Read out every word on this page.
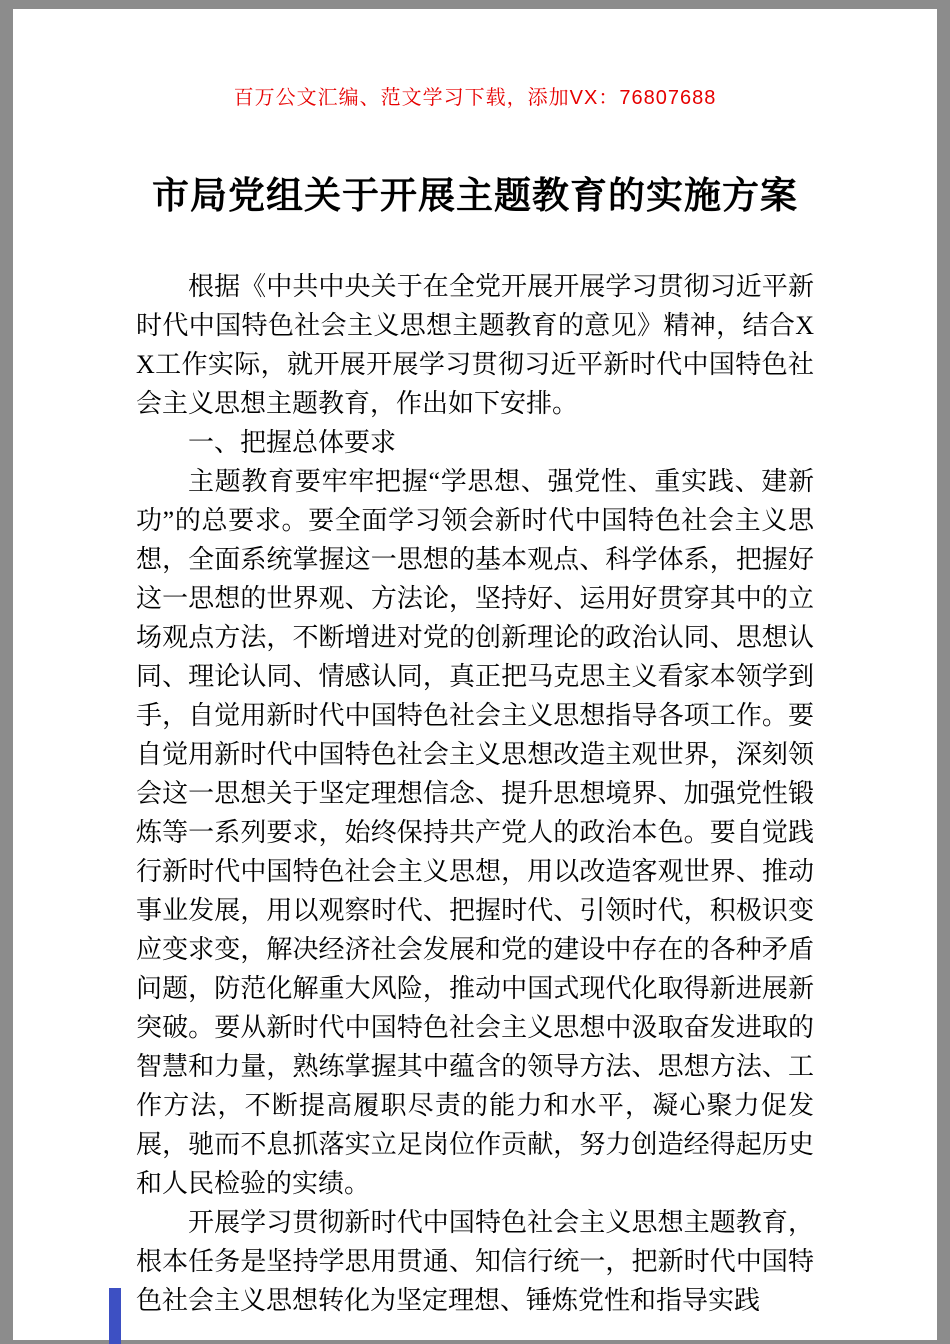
百万公文汇编、范文学习下载，添加VX：76807688
市局党组关于开展主题教育的实施方案

根据《中共中央关于在全党开展开展学习贯彻习近平新时代中国特色社会主义思想主题教育的意见》精神，结合XX工作实际，就开展开展学习贯彻习近平新时代中国特色社会主义思想主题教育，作出如下安排。

一、把握总体要求

主题教育要牢牢把握“学思想、强党性、重实践、建新功”的总要求。要全面学习领会新时代中国特色社会主义思想，全面系统掌握这一思想的基本观点、科学体系，把握好这一思想的世界观、方法论，坚持好、运用好贯穿其中的立场观点方法，不断增进对党的创新理论的政治认同、思想认同、理论认同、情感认同，真正把马克思主义看家本领学到手，自觉用新时代中国特色社会主义思想指导各项工作。要自觉用新时代中国特色社会主义思想改造主观世界，深刻领会这一思想关于坚定理想信念、提升思想境界、加强党性锻炼等一系列要求，始终保持共产党人的政治本色。要自觉践行新时代中国特色社会主义思想，用以改造客观世界、推动事业发展，用以观察时代、把握时代、引领时代，积极识变应变求变，解决经济社会发展和党的建设中存在的各种矛盾问题，防范化解重大风险，推动中国式现代化取得新进展新突破。要从新时代中国特色社会主义思想中汲取奋发进取的智慧和力量，熟练掌握其中蕴含的领导方法、思想方法、工作方法，不断提高履职尽责的能力和水平，凝心聚力促发展，驰而不息抓落实立足岗位作贡献，努力创造经得起历史和人民检验的实绩。

开展学习贯彻新时代中国特色社会主义思想主题教育，根本任务是坚持学思用贯通、知信行统一，把新时代中国特色社会主义思想转化为坚定理想、锤炼党性和指导实践
